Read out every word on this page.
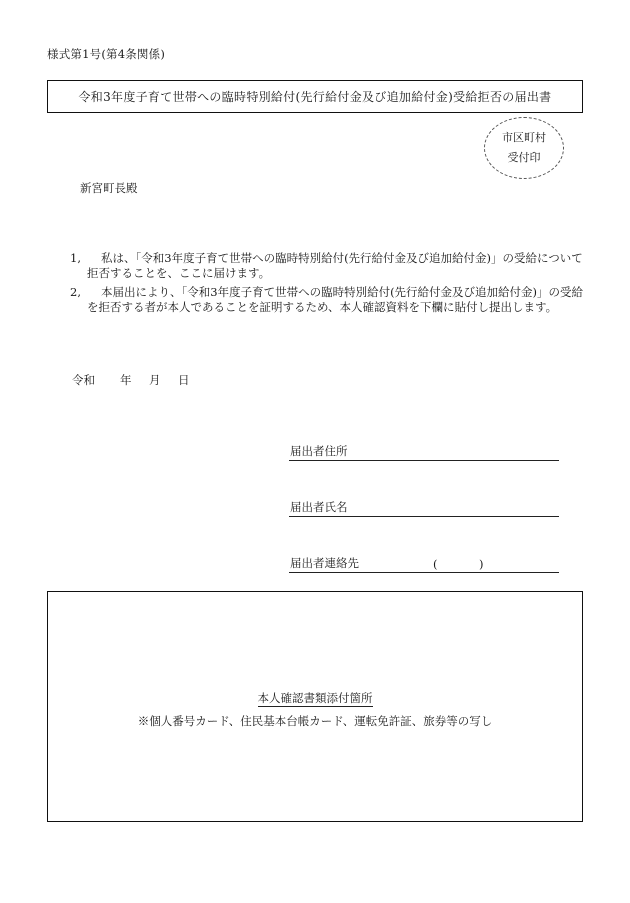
様式第1号(第4条関係)
令和3年度子育て世帯への臨時特別給付(先行給付金及び追加給付金)受給拒否の届出書
市区町村
受付印
新宮町長殿
1,	私は、「令和3年度子育て世帯への臨時特別給付(先行給付金及び追加給付金)」の受給について拒否することを、ここに届けます。
2,	本届出により、「令和3年度子育て世帯への臨時特別給付(先行給付金及び追加給付金)」の受給を拒否する者が本人であることを証明するため、本人確認資料を下欄に貼付し提出します。
令和 年 月 日
届出者住所
届出者氏名
届出者連絡先	(	)
本人確認書類添付箇所
※個人番号カード、住民基本台帳カード、運転免許証、旅券等の写し
